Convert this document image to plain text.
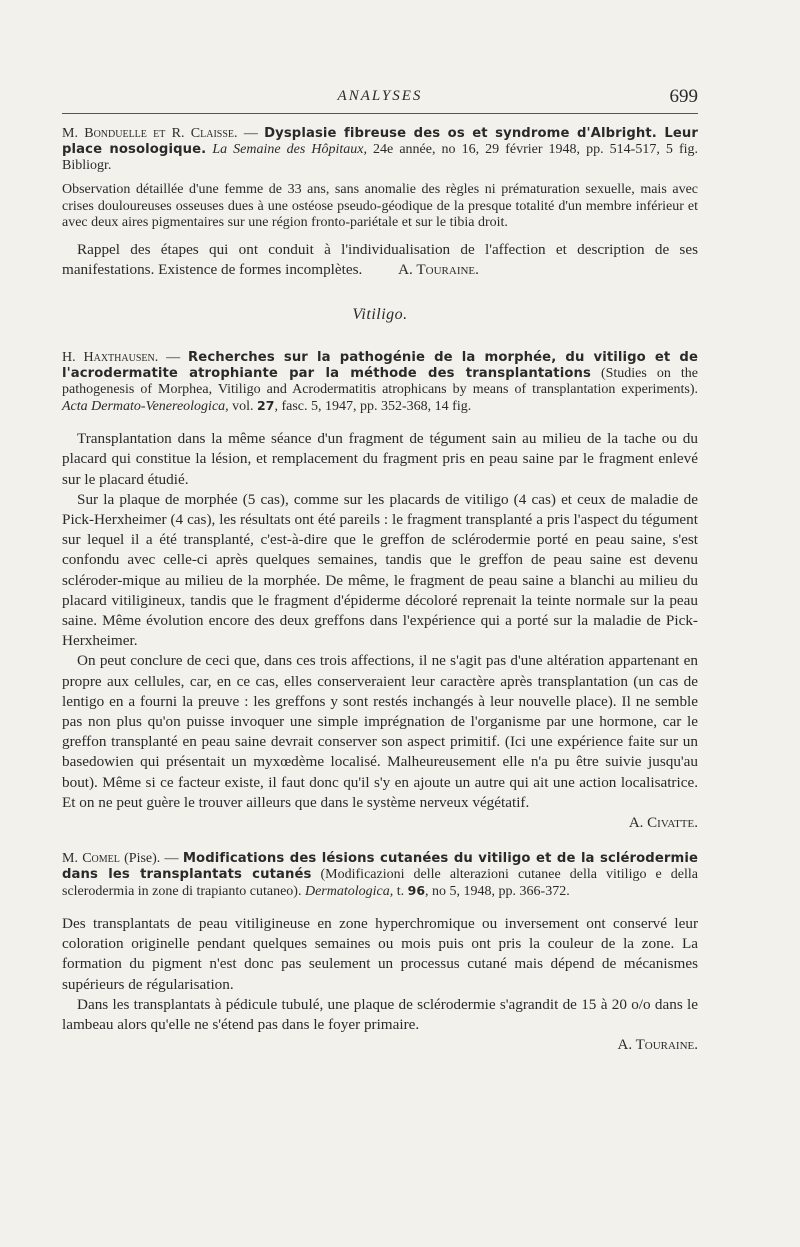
ANALYSES	699

M. Bonduelle et R. Claisse. — Dysplasie fibreuse des os et syndrome d'Albright. Leur place nosologique. La Semaine des Hôpitaux, 24e année, no 16, 29 février 1948, pp. 514-517, 5 fig. Bibliogr.

Observation détaillée d'une femme de 33 ans, sans anomalie des règles ni prématuration sexuelle, mais avec crises douloureuses osseuses dues à une ostéose pseudo-géodique de la presque totalité d'un membre inférieur et avec deux aires pigmentaires sur une région fronto-pariétale et sur le tibia droit.

Rappel des étapes qui ont conduit à l'individualisation de l'affection et description de ses manifestations. Existence de formes incomplètes. A. Touraine.

Vitiligo.

H. Haxthausen. — Recherches sur la pathogénie de la morphée, du vitiligo et de l'acrodermatite atrophiante par la méthode des transplantations (Studies on the pathogenesis of Morphea, Vitiligo and Acrodermatitis atrophicans by means of transplantation experiments). Acta Dermato-Venereologica, vol. 27, fasc. 5, 1947, pp. 352-368, 14 fig.

Transplantation dans la même séance d'un fragment de tégument sain au milieu de la tache ou du placard qui constitue la lésion, et remplacement du fragment pris en peau saine par le fragment enlevé sur le placard étudié.

Sur la plaque de morphée (5 cas), comme sur les placards de vitiligo (4 cas) et ceux de maladie de Pick-Herxheimer (4 cas), les résultats ont été pareils : le fragment transplanté a pris l'aspect du tégument sur lequel il a été transplanté, c'est-à-dire que le greffon de sclérodermie porté en peau saine, s'est confondu avec celle-ci après quelques semaines, tandis que le greffon de peau saine est devenu scléroder-mique au milieu de la morphée. De même, le fragment de peau saine a blanchi au milieu du placard vitiligineux, tandis que le fragment d'épiderme décoloré reprenait la teinte normale sur la peau saine. Même évolution encore des deux greffons dans l'expérience qui a porté sur la maladie de Pick-Herxheimer.

On peut conclure de ceci que, dans ces trois affections, il ne s'agit pas d'une altération appartenant en propre aux cellules, car, en ce cas, elles conserveraient leur caractère après transplantation (un cas de lentigo en a fourni la preuve : les greffons y sont restés inchangés à leur nouvelle place). Il ne semble pas non plus qu'on puisse invoquer une simple imprégnation de l'organisme par une hormone, car le greffon transplanté en peau saine devrait conserver son aspect primitif. (Ici une expérience faite sur un basedowien qui présentait un myxœdème localisé. Malheureusement elle n'a pu être suivie jusqu'au bout). Même si ce facteur existe, il faut donc qu'il s'y en ajoute un autre qui ait une action localisatrice. Et on ne peut guère le trouver ailleurs que dans le système nerveux végétatif.

A. Civatte.

M. Comel (Pise). — Modifications des lésions cutanées du vitiligo et de la sclérodermie dans les transplantats cutanés (Modificazioni delle alterazioni cutanee della vitiligo e della sclerodermia in zone di trapianto cutaneo). Dermatologica, t. 96, no 5, 1948, pp. 366-372.

Des transplantats de peau vitiligineuse en zone hyperchromique ou inversement ont conservé leur coloration originelle pendant quelques semaines ou mois puis ont pris la couleur de la zone. La formation du pigment n'est donc pas seulement un processus cutané mais dépend de mécanismes supérieurs de régularisation.

Dans les transplantats à pédicule tubulé, une plaque de sclérodermie s'agrandit de 15 à 20 o/o dans le lambeau alors qu'elle ne s'étend pas dans le foyer primaire.

A. Touraine.
